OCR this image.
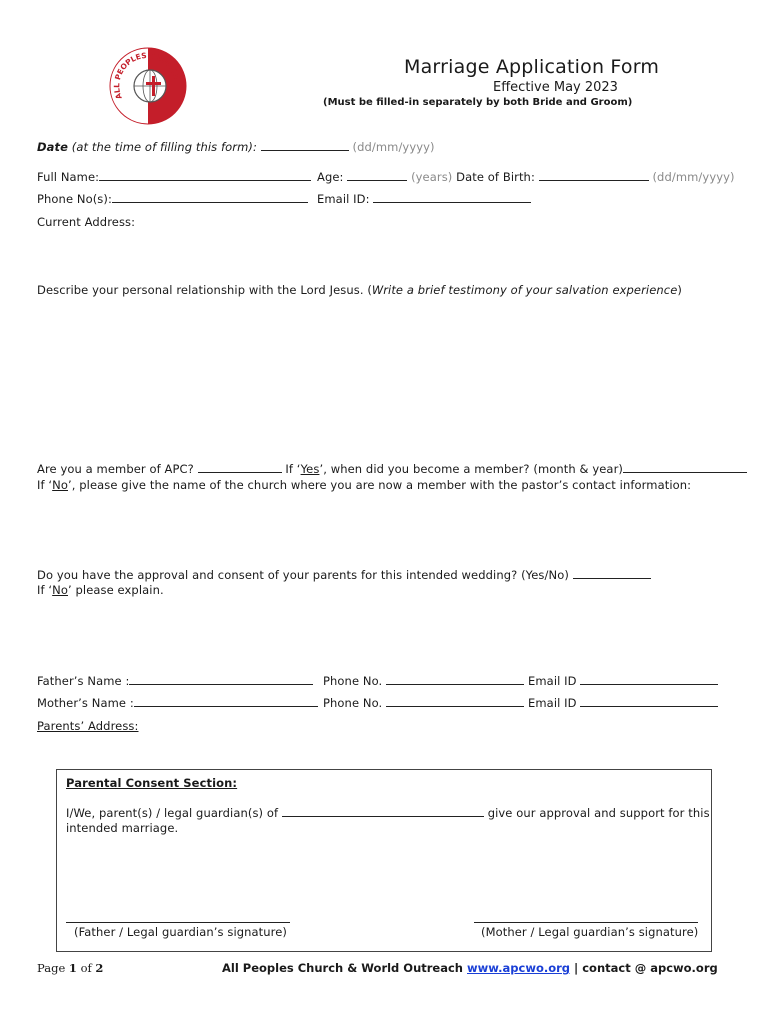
ALL PEOPLES CHURCH	Marriage Application Form
Effective May 2023
(Must be filled-in separately by both Bride and Groom)
Date (at the time of filling this form):	(dd/mm/yyyy)
Full Name:	Age:	(years) Date of Birth:	(dd/mm/yyyy)
Phone No(s):	Email ID:
Current Address:
Describe your personal relationship with the Lord Jesus. (Write a brief testimony of your salvation experience)
Are you a member of APC?	If ‘Yes’, when did you become a member? (month & year)
If ‘No’, please give the name of the church where you are now a member with the pastor’s contact information:
Do you have the approval and consent of your parents for this intended wedding? (Yes/No)
If ‘No’ please explain.
Father’s Name :	Phone No.	Email ID
Mother’s Name :	Phone No.	Email ID
Parents’ Address:
Parental Consent Section:
I/We, parent(s) / legal guardian(s) of	give our approval and support for this
intended marriage.
(Father / Legal guardian’s signature)	(Mother / Legal guardian’s signature)
Page 1 of 2	All Peoples Church & World Outreach www.apcwo.org | contact @ apcwo.org
